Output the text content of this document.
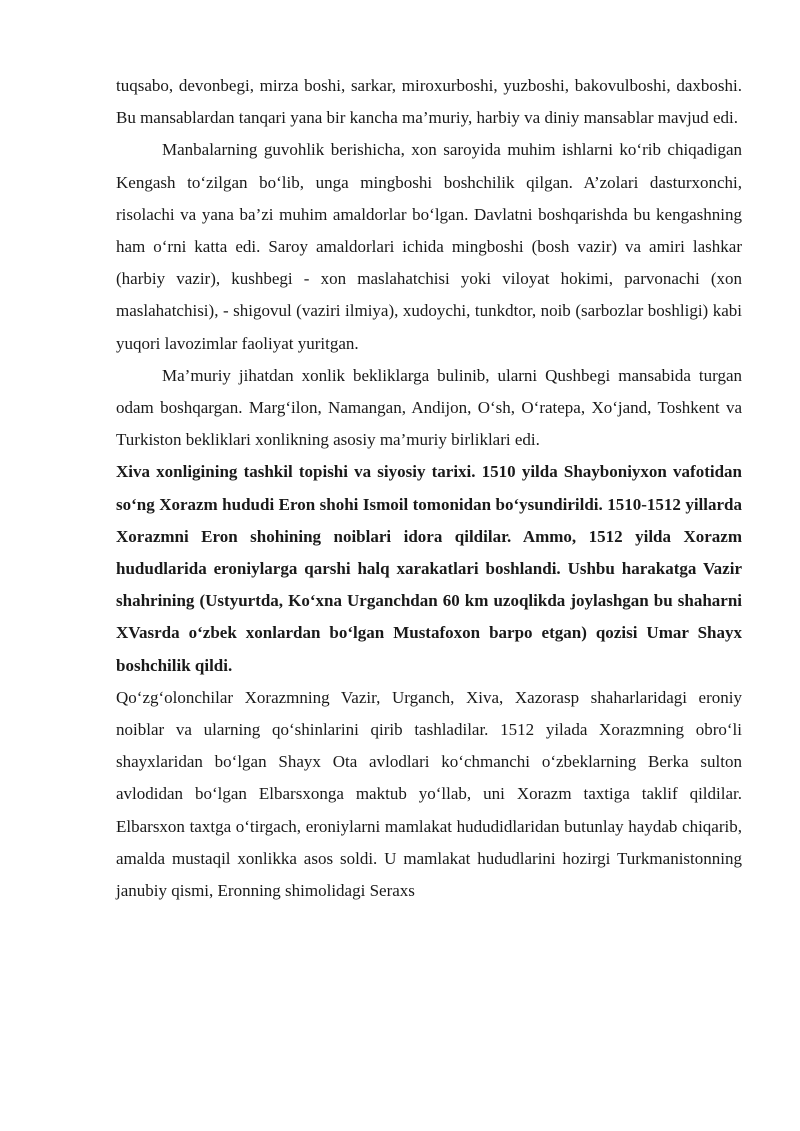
tuqsabo, devonbegi, mirza boshi, sarkar, miroxurboshi, yuzboshi, bakovulboshi, daxboshi. Bu mansablardan tanqari yana bir kancha ma’muriy, harbiy va diniy mansablar mavjud edi.

Manbalarning guvohlik berishicha, xon saroyida muhim ishlarni ko‘rib chiqadigan Kengash to‘zilgan bo‘lib, unga mingboshi boshchilik qilgan. A’zolari dasturxonchi, risolachi va yana ba’zi muhim amaldorlar bo‘lgan. Davlatni boshqarishda bu kengashning ham o‘rni katta edi. Saroy amaldorlari ichida mingboshi (bosh vazir) va amiri lashkar (harbiy vazir), kushbegi - xon maslahatchisi yoki viloyat hokimi, parvonachi (xon maslahatchisi), - shigovul (vaziri ilmiya), xudoychi, tunkdtor, noib (sarbozlar boshligi) kabi yuqori lavozimlar faoliyat yuritgan.

Ma’muriy jihatdan xonlik bekliklarga bulinib, ularni Qushbegi mansabida turgan odam boshqargan. Marg‘ilon, Namangan, Andijon, O‘sh, O‘ratepa, Xo‘jand, Toshkent va Turkiston bekliklari xonlikning asosiy ma’muriy birliklari edi.

Xiva xonligining tashkil topishi va siyosiy tarixi. 1510 yilda Shayboniyxon vafotidan so‘ng Xorazm hududi Eron shohi Ismoil tomonidan bo‘ysundirildi. 1510-1512 yillarda Xorazmni Eron shohining noiblari idora qildilar. Ammo, 1512 yilda Xorazm hududlarida eroniylarga qarshi halq xarakatlari boshlandi. Ushbu harakatga Vazir shahrining (Ustyurtda, Ko‘xna Urganchdan 60 km uzoqlikda joylashgan bu shaharni XVasrda o‘zbek xonlardan bo‘lgan Mustafoxon barpo etgan) qozisi Umar Shayx boshchilik qildi.

Qo‘zg‘olonchilar Xorazmning Vazir, Urganch, Xiva, Xazorasp shaharlaridagi eroniy noiblar va ularning qo‘shinlarini qirib tashladilar. 1512 yilada Xorazmning obro‘li shayxlaridan bo‘lgan Shayx Ota avlodlari ko‘chmanchi o‘zbeklarning Berka sulton avlodidan bo‘lgan Elbarsxonga maktub yo‘llab, uni Xorazm taxtiga taklif qildilar. Elbarsxon taxtga o‘tirgach, eroniylarni mamlakat hududidlaridan butunlay haydab chiqarib, amalda mustaqil xonlikka asos soldi. U mamlakat hududlarini hozirgi Turkmanistonning janubiy qismi, Eronning shimolidagi Seraxs
